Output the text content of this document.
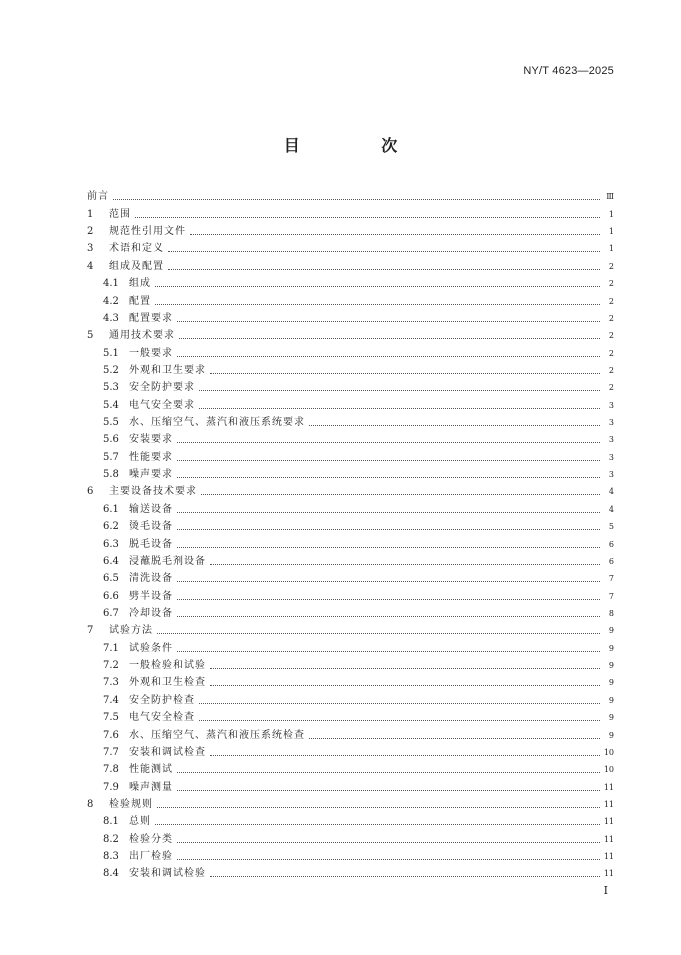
NY/T 4623—2025
目 次
前言	Ⅲ
1	范围	1
2	规范性引用文件	1
3	术语和定义	1
4	组成及配置	2
4.1	组成	2
4.2	配置	2
4.3	配置要求	2
5	通用技术要求	2
5.1	一般要求	2
5.2	外观和卫生要求	2
5.3	安全防护要求	2
5.4	电气安全要求	3
5.5	水、压缩空气、蒸汽和液压系统要求	3
5.6	安装要求	3
5.7	性能要求	3
5.8	噪声要求	3
6	主要设备技术要求	4
6.1	输送设备	4
6.2	烫毛设备	5
6.3	脱毛设备	6
6.4	浸蘸脱毛剂设备	6
6.5	清洗设备	7
6.6	劈半设备	7
6.7	冷却设备	8
7	试验方法	9
7.1	试验条件	9
7.2	一般检验和试验	9
7.3	外观和卫生检查	9
7.4	安全防护检查	9
7.5	电气安全检查	9
7.6	水、压缩空气、蒸汽和液压系统检查	9
7.7	安装和调试检查	10
7.8	性能测试	10
7.9	噪声测量	11
8	检验规则	11
8.1	总则	11
8.2	检验分类	11
8.3	出厂检验	11
8.4	安装和调试检验	11
I
